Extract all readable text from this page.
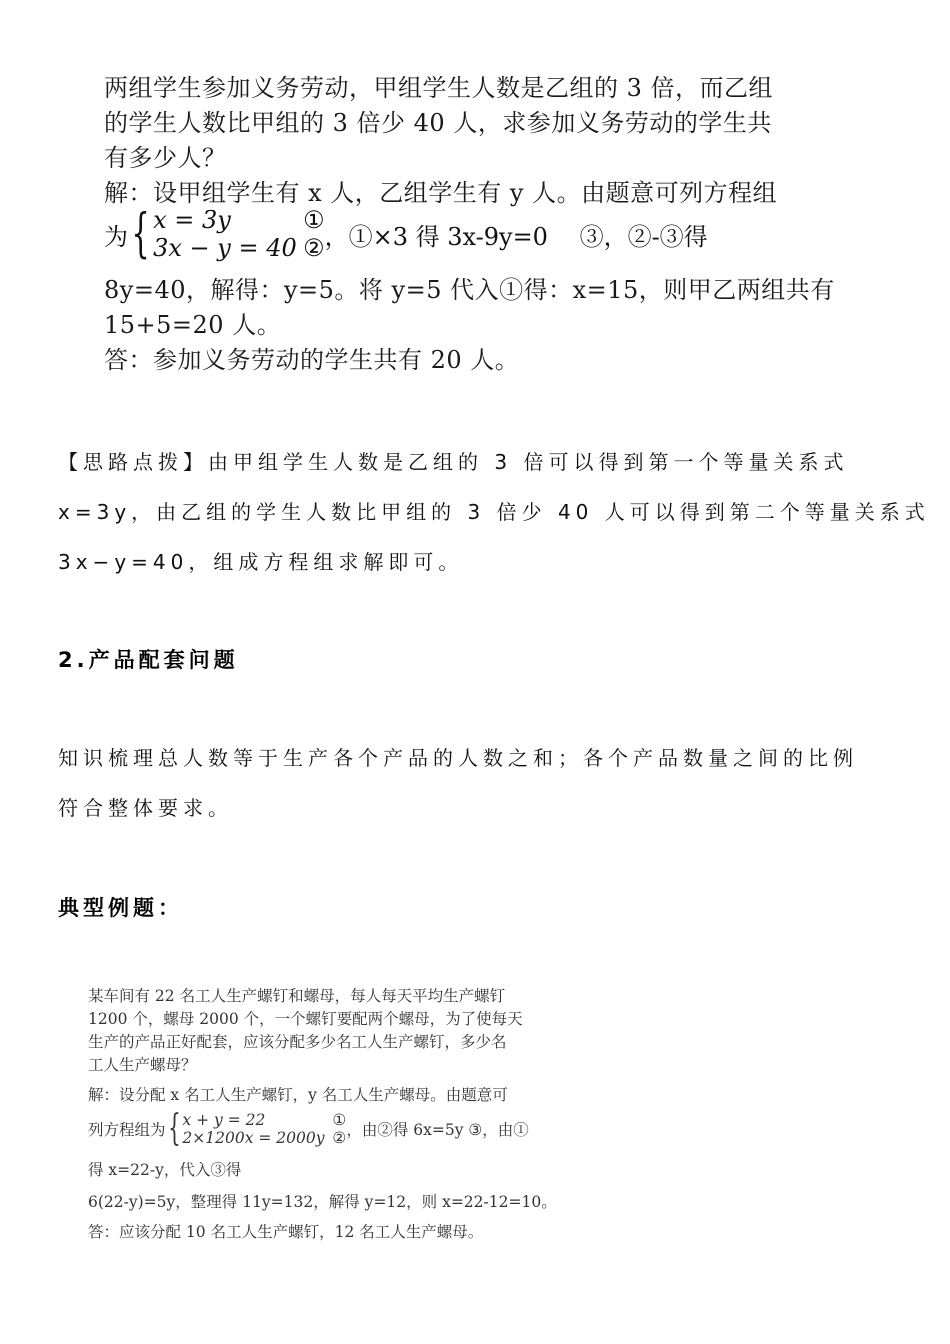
两组学生参加义务劳动，甲组学生人数是乙组的 3 倍，而乙组
的学生人数比甲组的 3 倍少 40 人，求参加义务劳动的学生共
有多少人？
解：设甲组学生有 x 人，乙组学生有 y 人。由题意可列方程组
为 { x = 3y	①
3x − y = 40 ② ，①×3 得 3x-9y=0 　③，②-③得
8y=40，解得：y=5。将 y=5 代入①得：x=15，则甲乙两组共有
15+5=20 人。
答：参加义务劳动的学生共有 20 人。
【思路点拨】由甲组学生人数是乙组的 3 倍可以得到第一个等量关系式
x=3y，由乙组的学生人数比甲组的 3 倍少 40 人可以得到第二个等量关系式
3x−y=40，组成方程组求解即可。
2.产品配套问题
知识梳理总人数等于生产各个产品的人数之和；各个产品数量之间的比例
符合整体要求。
典型例题：
某车间有 22 名工人生产螺钉和螺母，每人每天平均生产螺钉
1200 个，螺母 2000 个，一个螺钉要配两个螺母，为了使每天
生产的产品正好配套，应该分配多少名工人生产螺钉，多少名
工人生产螺母？
解：设分配 x 名工人生产螺钉，y 名工人生产螺母。由题意可
列方程组为 { x + y = 22	①
2×1200x = 2000y ② ，由②得 6x=5y ③，由①
得 x=22-y，代入③得
6(22-y)=5y，整理得 11y=132，解得 y=12，则 x=22-12=10。
答：应该分配 10 名工人生产螺钉，12 名工人生产螺母。
